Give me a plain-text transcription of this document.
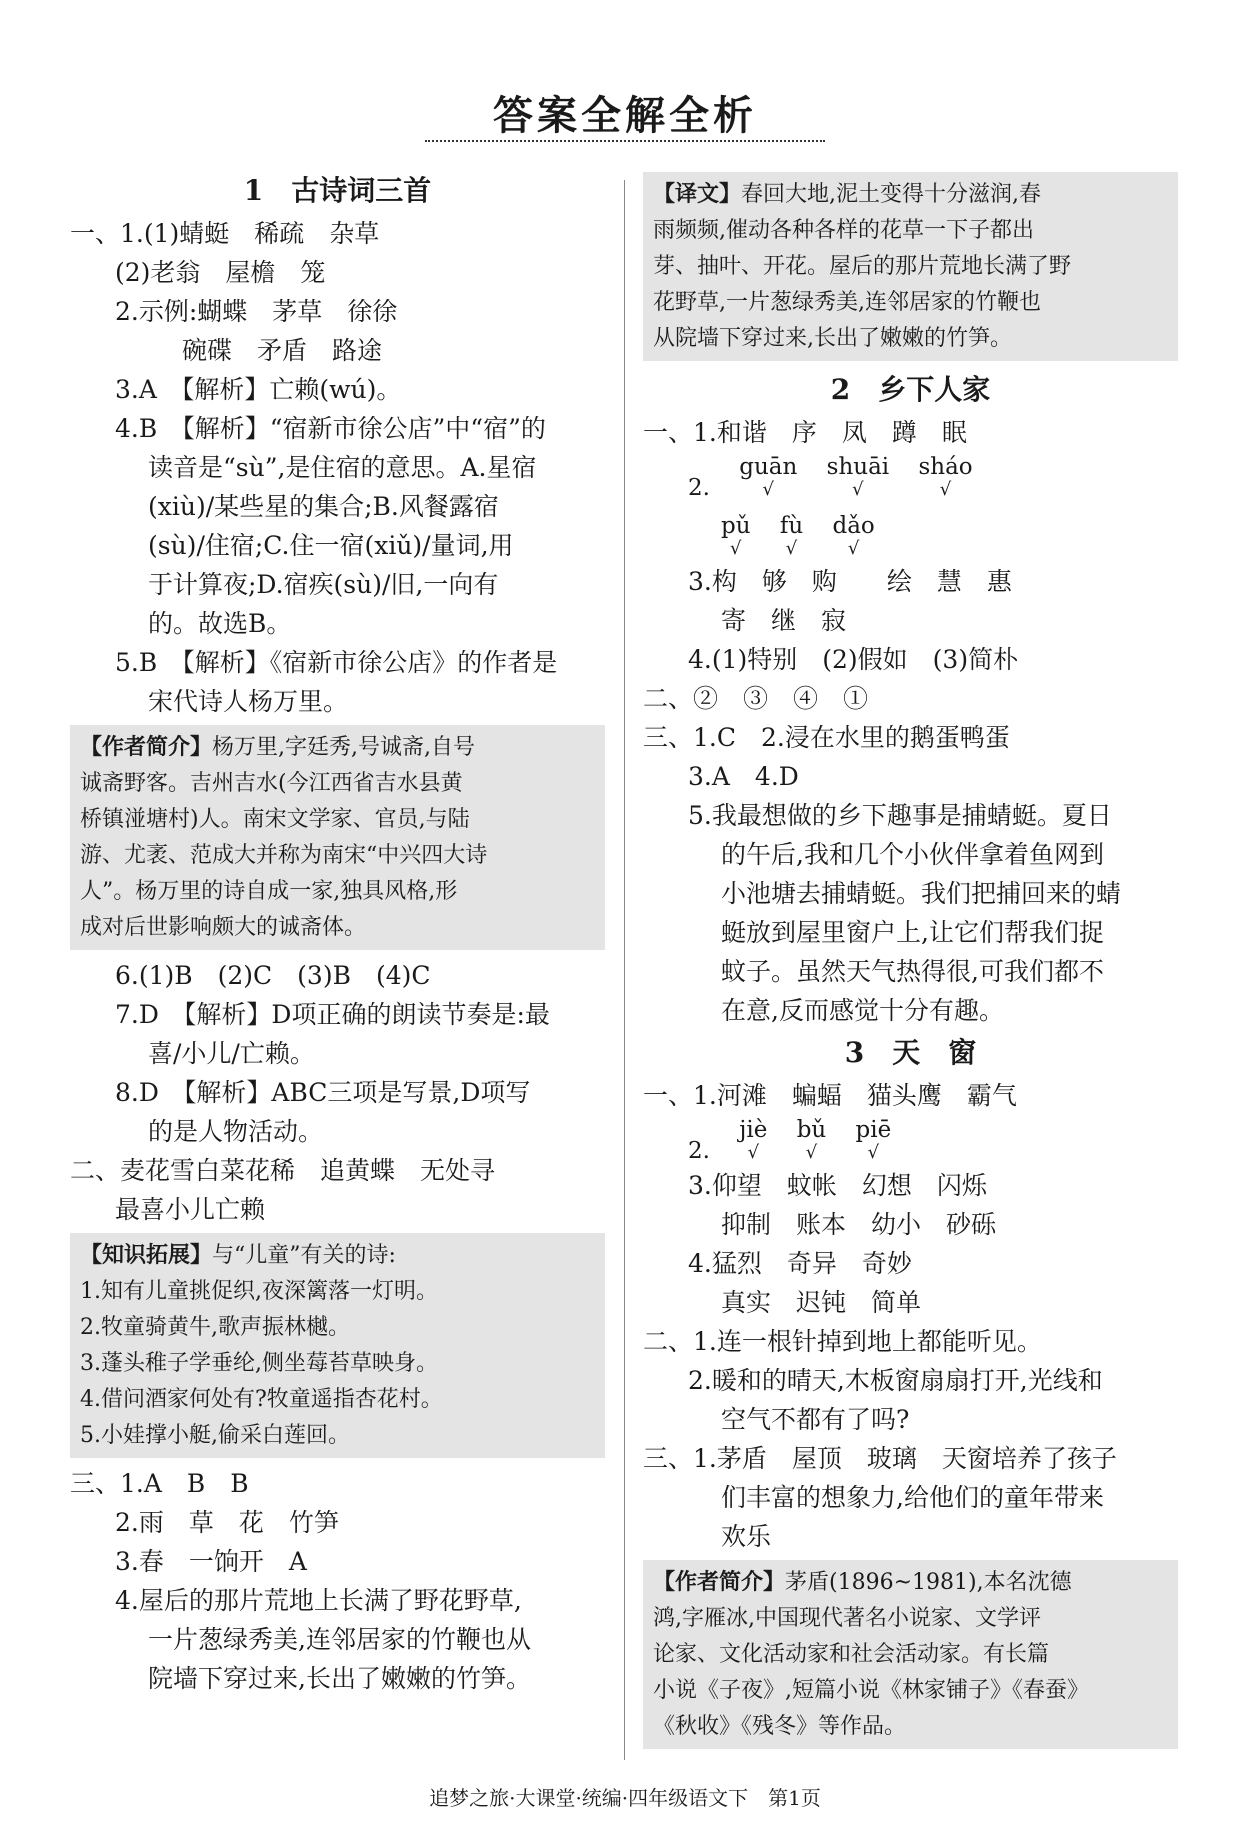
答案全解全析
1　古诗词三首
一、1.(1)蜻蜓　稀疏　杂草
(2)老翁　屋檐　笼
2.示例:蝴蝶　茅草　徐徐
碗碟　矛盾　路途
3.A　【解析】亡赖(wú)。
4.B　【解析】“宿新市徐公店”中“宿”的
读音是“sù”,是住宿的意思。A.星宿
(xiù)/某些星的集合;B.风餐露宿
(sù)/住宿;C.住一宿(xiǔ)/量词,用
于计算夜;D.宿疾(sù)/旧,一向有
的。故选B。
5.B　【解析】《宿新市徐公店》的作者是
宋代诗人杨万里。
【作者简介】杨万里,字廷秀,号诚斋,自号
诚斋野客。吉州吉水(今江西省吉水县黄
桥镇湴塘村)人。南宋文学家、官员,与陆
游、尤袤、范成大并称为南宋“中兴四大诗
人”。杨万里的诗自成一家,独具风格,形
成对后世影响颇大的诚斋体。
6.(1)B　(2)C　(3)B　(4)C
7.D　【解析】D项正确的朗读节奏是:最
喜/小儿/亡赖。
8.D　【解析】ABC三项是写景,D项写
的是人物活动。
二、麦花雪白菜花稀　追黄蝶　无处寻
最喜小儿亡赖
【知识拓展】与“儿童”有关的诗:
1.知有儿童挑促织,夜深篱落一灯明。
2.牧童骑黄牛,歌声振林樾。
3.蓬头稚子学垂纶,侧坐莓苔草映身。
4.借问酒家何处有?牧童遥指杏花村。
5.小娃撑小艇,偷采白莲回。
三、1.A　B　B
2.雨　草　花　竹笋
3.春　一饷开　A
4.屋后的那片荒地上长满了野花野草,
一片葱绿秀美,连邻居家的竹鞭也从
院墙下穿过来,长出了嫩嫩的竹笋。
【译文】春回大地,泥土变得十分滋润,春
雨频频,催动各种各样的花草一下子都出
芽、抽叶、开花。屋后的那片荒地长满了野
花野草,一片葱绿秀美,连邻居家的竹鞭也
从院墙下穿过来,长出了嫩嫩的竹笋。
2　乡下人家
一、1.和谐　序　凤　蹲　眠
2. guān
√
shuāi
√
sháo
√
pǔ
√
fù
√
dǎo
√
3.构　够　购　　绘　慧　惠
寄　继　寂
4.(1)特别　(2)假如　(3)简朴
二、②　③　④　①
三、1.C　2.浸在水里的鹅蛋鸭蛋
3.A　4.D
5.我最想做的乡下趣事是捕蜻蜓。夏日
的午后,我和几个小伙伴拿着鱼网到
小池塘去捕蜻蜓。我们把捕回来的蜻
蜓放到屋里窗户上,让它们帮我们捉
蚊子。虽然天气热得很,可我们都不
在意,反而感觉十分有趣。
3　天　窗
一、1.河滩　蝙蝠　猫头鹰　霸气
2. jiè
√
bǔ
√
piē
√
3.仰望　蚊帐　幻想　闪烁
抑制　账本　幼小　砂砾
4.猛烈　奇异　奇妙
真实　迟钝　简单
二、1.连一根针掉到地上都能听见。
2.暖和的晴天,木板窗扇扇打开,光线和
空气不都有了吗?
三、1.茅盾　屋顶　玻璃　天窗培养了孩子
们丰富的想象力,给他们的童年带来
欢乐
【作者简介】茅盾(1896~1981),本名沈德
鸿,字雁冰,中国现代著名小说家、文学评
论家、文化活动家和社会活动家。有长篇
小说《子夜》,短篇小说《林家铺子》《春蚕》
《秋收》《残冬》等作品。
追梦之旅·大课堂·统编·四年级语文下　第1页
